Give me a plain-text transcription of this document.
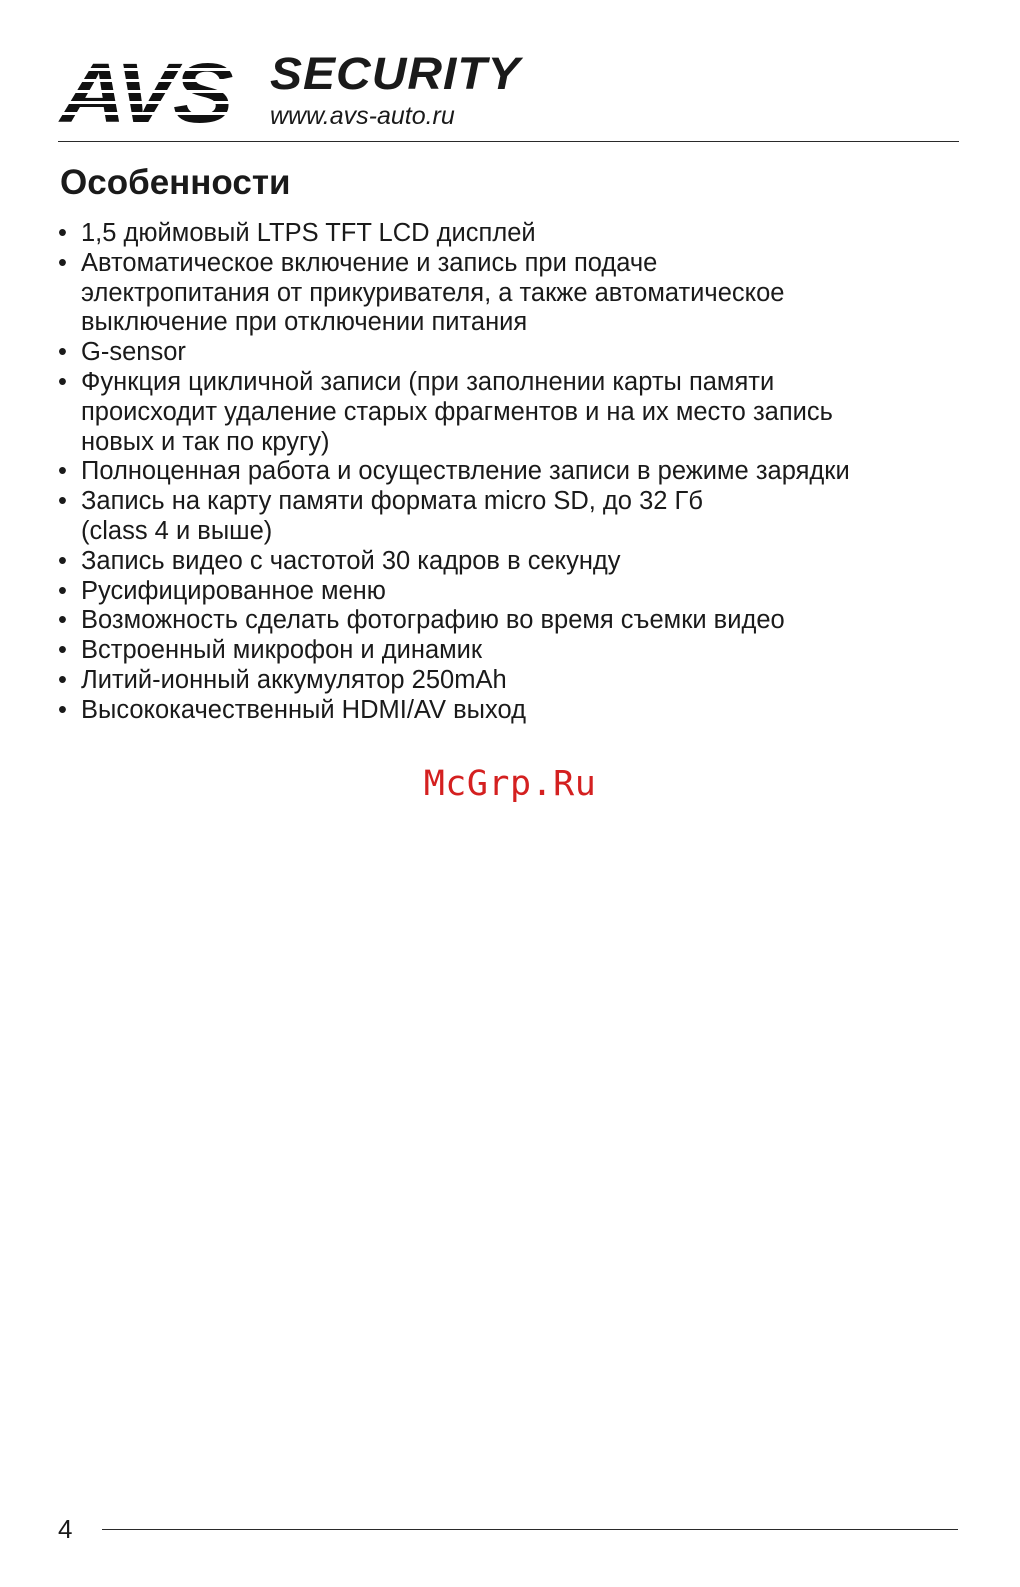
SECURITY
www.avs-auto.ru
Особенности
• 1,5 дюймовый LTPS TFT LCD дисплей
• Автоматическое включение и запись при подаче
электропитания от прикуривателя, а также автоматическое
выключение при отключении питания
• G-sensor
• Функция цикличной записи (при заполнении карты памяти
происходит удаление старых фрагментов и на их место запись
новых и так по кругу)
• Полноценная работа и осуществление записи в режиме зарядки
• Запись на карту памяти формата micro SD, до 32 Гб
(class 4 и выше)
• Запись видео с частотой 30 кадров в секунду
• Русифицированное меню
• Возможность сделать фотографию во время съемки видео
• Встроенный микрофон и динамик
• Литий-ионный аккумулятор 250mAh
• Высококачественный HDMI/AV выход
McGrp.Ru
4
